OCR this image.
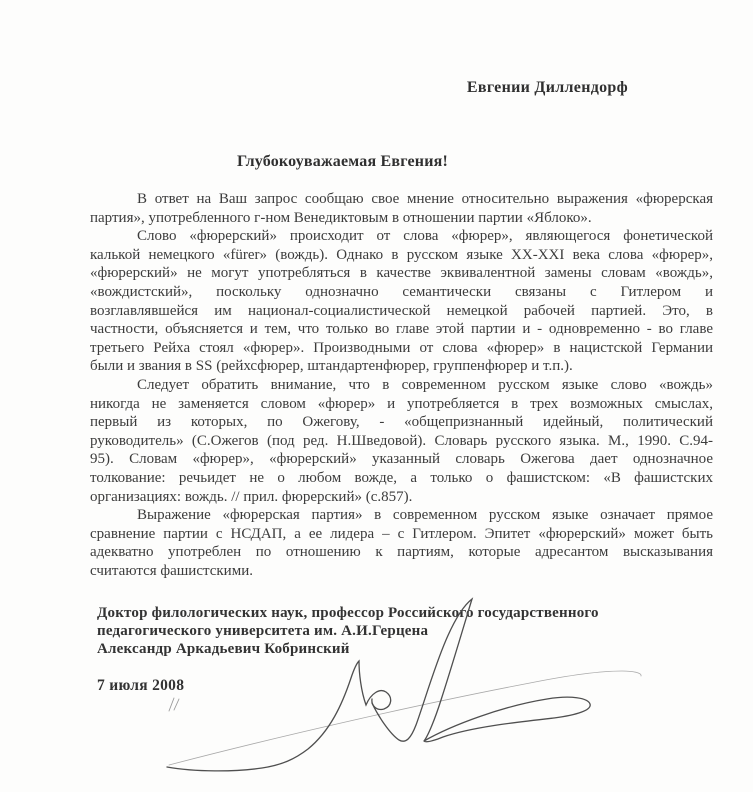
Евгении Диллендорф
Глубокоуважаемая Евгения!
В ответ на Ваш запрос сообщаю свое мнение относительно выражения «фюрерская
партия», употребленного г-ном Венедиктовым в отношении партии «Яблоко».
Слово «фюрерский» происходит от слова «фюрер», являющегося фонетической
калькой немецкого «fürer» (вождь). Однако в русском языке XX-XXI века слова «фюрер»,
«фюрерский» не могут употребляться в качестве эквивалентной замены словам «вождь»,
«вождистский», поскольку однозначно семантически связаны с Гитлером и
возглавлявшейся им национал-социалистической немецкой рабочей партией. Это, в
частности, объясняется и тем, что только во главе этой партии и - одновременно - во главе
третьего Рейха стоял «фюрер». Производными от слова «фюрер» в нацистской Германии
были и звания в SS (рейхсфюрер, штандартенфюрер, группенфюрер и т.п.).
Следует обратить внимание, что в современном русском языке слово «вождь»
никогда не заменяется словом «фюрер» и употребляется в трех возможных смыслах,
первый из которых, по Ожегову, - «общепризнанный идейный, политический
руководитель» (С.Ожегов (под ред. Н.Шведовой). Словарь русского языка. М., 1990. С.94-
95). Словам «фюрер», «фюрерский» указанный словарь Ожегова дает однозначное
толкование: речьидет не о любом вожде, а только о фашистском: «В фашистских
организациях: вождь. // прил. фюрерский» (с.857).
Выражение «фюрерская партия» в современном русском языке означает прямое
сравнение партии с НСДАП, а ее лидера – с Гитлером. Эпитет «фюрерский» может быть
адекватно употреблен по отношению к партиям, которые адресантом высказывания
считаются фашистскими.
Доктор филологических наук, профессор Российского государственного
педагогического университета им. А.И.Герцена
Александр Аркадьевич Кобринский
7 июля 2008
